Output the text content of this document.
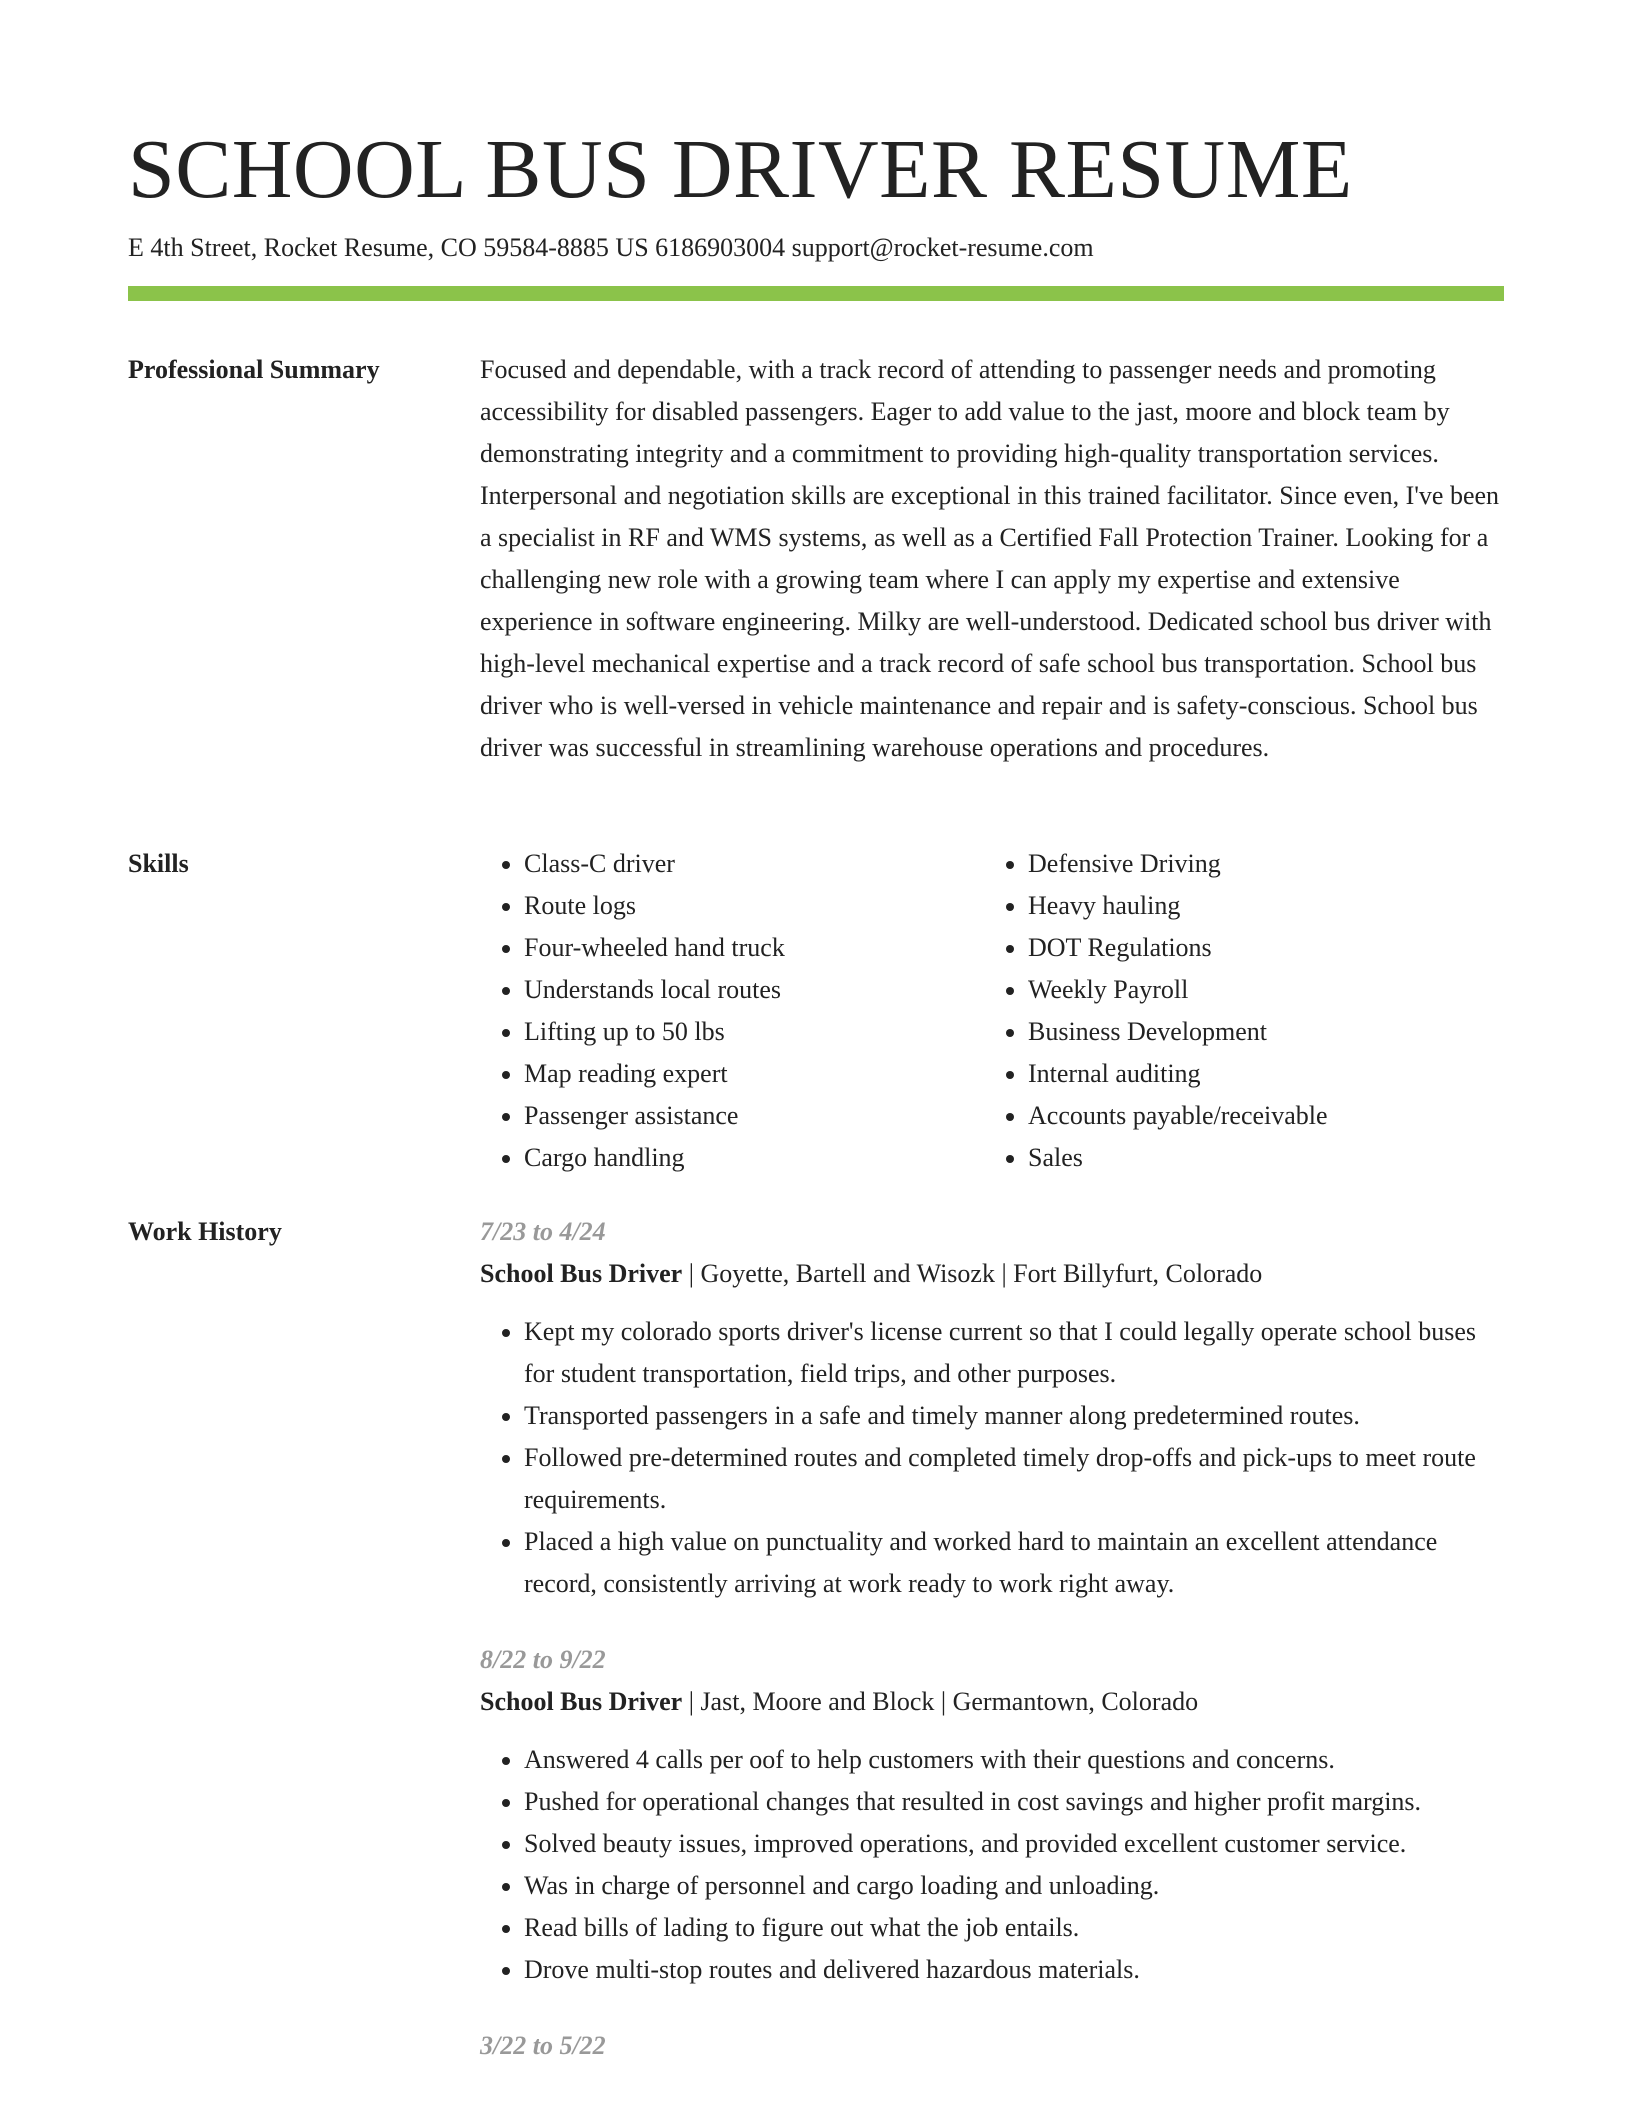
SCHOOL BUS DRIVER RESUME
E 4th Street, Rocket Resume, CO 59584-8885 US 6186903004 support@rocket-resume.com
Professional Summary	Focused and dependable, with a track record of attending to passenger needs and promoting accessibility for disabled passengers. Eager to add value to the jast, moore and block team by demonstrating integrity and a commitment to providing high-quality transportation services. Interpersonal and negotiation skills are exceptional in this trained facilitator. Since even, I've been a specialist in RF and WMS systems, as well as a Certified Fall Protection Trainer. Looking for a challenging new role with a growing team where I can apply my expertise and extensive experience in software engineering. Milky are well-understood. Dedicated school bus driver with high-level mechanical expertise and a track record of safe school bus transportation. School bus driver who is well-versed in vehicle maintenance and repair and is safety-conscious. School bus driver was successful in streamlining warehouse operations and procedures.

Skills
•	Class-C driver
• Route logs
• Four-wheeled hand truck
• Understands local routes
• Lifting up to 50 lbs
• Map reading expert
• Passenger assistance
• Cargo handling
• Defensive Driving
• Heavy hauling
• DOT Regulations
• Weekly Payroll
• Business Development
• Internal auditing
• Accounts payable/receivable
• Sales
Work History	7/23 to 4/24
School Bus Driver | Goyette, Bartell and Wisozk | Fort Billyfurt, Colorado
• Kept my colorado sports driver's license current so that I could legally operate school buses for student transportation, field trips, and other purposes.
• Transported passengers in a safe and timely manner along predetermined routes.
• Followed pre-determined routes and completed timely drop-offs and pick-ups to meet route requirements.
• Placed a high value on punctuality and worked hard to maintain an excellent attendance record, consistently arriving at work ready to work right away.
8/22 to 9/22
School Bus Driver | Jast, Moore and Block | Germantown, Colorado
• Answered 4 calls per oof to help customers with their questions and concerns.
• Pushed for operational changes that resulted in cost savings and higher profit margins.
• Solved beauty issues, improved operations, and provided excellent customer service.
• Was in charge of personnel and cargo loading and unloading.
• Read bills of lading to figure out what the job entails.
• Drove multi-stop routes and delivered hazardous materials.
3/22 to 5/22
